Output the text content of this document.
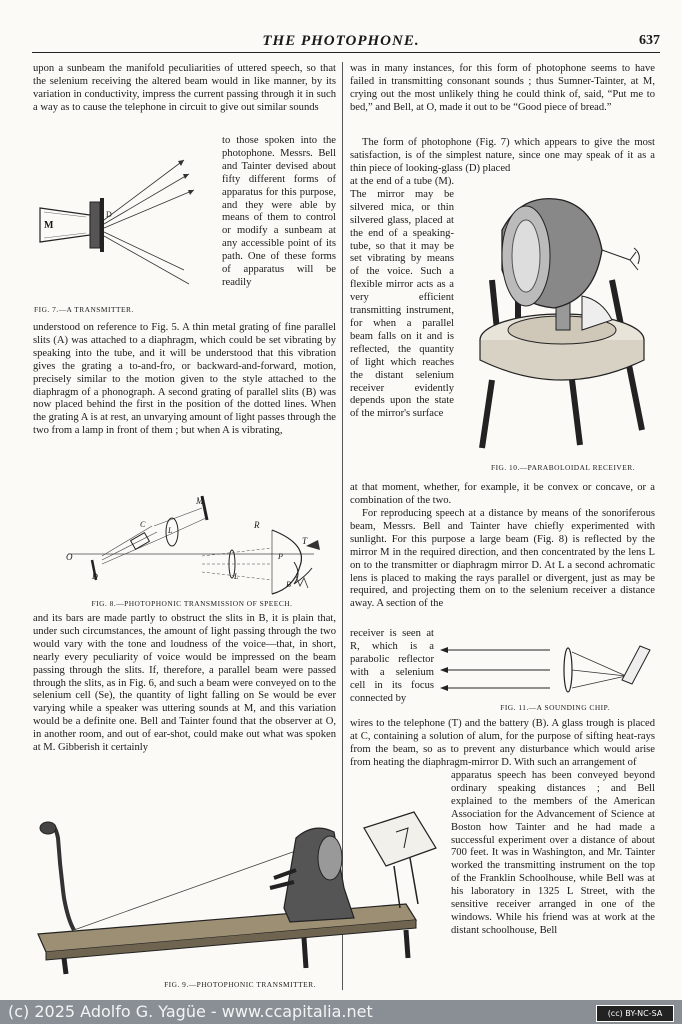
THE PHOTOPHONE.	637
upon a sunbeam the manifold peculiarities of uttered speech, so that the selenium receiving the altered beam would in like manner, by its variation in conductivity, impress the current passing through it in such a way as to cause the telephone in circuit to give out similar sounds
to those spoken into the photophone. Messrs. Bell and Tainter devised about fifty different forms of apparatus for this purpose, and they were able by means of them to control or modify a sunbeam at any accessible point of its path. One of these forms of apparatus will be readily
understood on reference to Fig. 5. A thin metal grating of fine parallel slits (A) was attached to a diaphragm, which could be set vibrating by speaking into the tube, and it will be understood that this vibration gives the grating a to-and-fro, or backward-and-forward, motion, precisely similar to the motion given to the style attached to the diaphragm of a phonograph. A second grating of parallel slits (B) was now placed behind the first in the position of the dotted lines. When the grating A is at rest, an unvarying amount of light passes through the two from a lamp in front of them ; but when A is vibrating,
M
D
FIG. 7.—A TRANSMITTER.
M
O
D
C
L
L
R
P
T
B
FIG. 8.—PHOTOPHONIC TRANSMISSION OF SPEECH.
and its bars are made partly to obstruct the slits in B, it is plain that, under such circumstances, the amount of light passing through the two would vary with the tone and loudness of the voice—that, in short, nearly every peculiarity of voice would be impressed on the beam passing through the slits. If, therefore, a parallel beam were passed through the slits, as in Fig. 6, and such a beam were conveyed on to the selenium cell (Se), the quantity of light falling on Se would be ever varying while a speaker was uttering sounds at M, and this variation would be a definite one. Bell and Tainter found that the observer at O, in another room, and out of ear-shot, could make out what was spoken at M. Gibberish it certainly
was in many instances, for this form of photophone seems to have failed in transmitting consonant sounds ; thus Sumner-Tainter, at M, crying out the most unlikely thing he could think of, said, “Put me to bed,” and Bell, at O, made it out to be “Good piece of bread.”
The form of photophone (Fig. 7) which appears to give the most satisfaction, is of the simplest nature, since one may speak of it as a thin piece of looking-glass (D) placed
at the end of a tube (M). The mirror may be silvered mica, or thin silvered glass, placed at the end of a speaking-tube, so that it may be set vibrating by means of the voice. Such a flexible mirror acts as a very efficient transmitting instrument, for when a parallel beam falls on it and is reflected, the quantity of light which reaches the distant selenium receiver evidently depends upon the state of the mirror's surface
at that moment, whether, for example, it be convex or concave, or a combination of the two.
For reproducing speech at a distance by means of the sonoriferous beam, Messrs. Bell and Tainter have chiefly experimented with sunlight. For this purpose a large beam (Fig. 8) is reflected by the mirror M in the required direction, and then concentrated by the lens L on to the transmitter or diaphragm mirror D. At L a second achromatic lens is placed to making the rays parallel or divergent, just as may be required, and projecting them on to the selenium receiver a distance away. A section of the
receiver is seen at R, which is a parabolic reflector with a selenium cell in its focus connected by
wires to the telephone (T) and the battery (B). A glass trough is placed at C, containing a solution of alum, for the purpose of sifting heat-rays from the beam, so as to prevent any disturbance which would arise from heating the diaphragm-mirror D. With such an arrangement of
apparatus speech has been conveyed beyond ordinary speaking distances ; and Bell explained to the members of the American Association for the Advancement of Science at Boston how Tainter and he had made a successful experiment over a distance of about 700 feet. It was in Washington, and Mr. Tainter worked the transmitting instrument on the top of the Franklin Schoolhouse, while Bell was at his laboratory in 1325 L Street, with the sensitive receiver arranged in one of the windows. While his friend was at work at the distant schoolhouse, Bell
FIG. 10.—PARABOLOIDAL RECEIVER.
FIG. 11.—A SOUNDING CHIP.
FIG. 9.—PHOTOPHONIC TRANSMITTER.
(c) 2025 Adolfo G. Yagüe - www.ccapitalia.net	(cc) BY-NC-SA
